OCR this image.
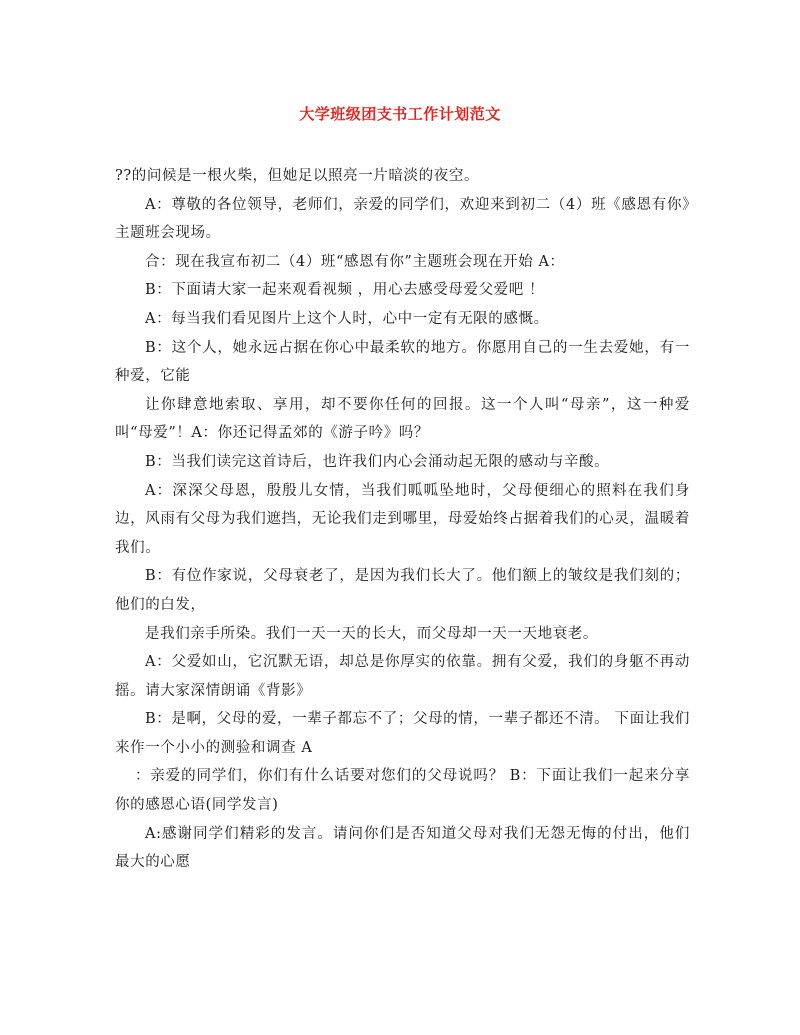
大学班级团支书工作计划范文

??的问候是一根火柴，但她足以照亮一片暗淡的夜空。

A：尊敬的各位领导，老师们，亲爱的同学们，欢迎来到初二（4）班《感恩有你》主题班会现场。

合：现在我宣布初二（4）班“感恩有你”主题班会现在开始 A：

B：下面请大家一起来观看视频 ，用心去感受母爱父爱吧 ！

A：每当我们看见图片上这个人时，心中一定有无限的感慨。

B：这个人，她永远占据在你心中最柔软的地方。你愿用自己的一生去爱她，有一种爱，它能

让你肆意地索取、享用，却不要你任何的回报。这一个人叫“母亲”，这一种爱叫“母爱”！A：你还记得孟郊的《游子吟》吗？

B：当我们读完这首诗后，也许我们内心会涌动起无限的感动与辛酸。

A：深深父母恩，殷殷儿女情，当我们呱呱坠地时，父母便细心的照料在我们身边，风雨有父母为我们遮挡，无论我们走到哪里，母爱始终占据着我们的心灵，温暖着我们。

B：有位作家说，父母衰老了，是因为我们长大了。他们额上的皱纹是我们刻的；他们的白发，

是我们亲手所染。我们一天一天的长大，而父母却一天一天地衰老。

A：父爱如山，它沉默无语，却总是你厚实的依靠。拥有父爱，我们的身躯不再动摇。请大家深情朗诵《背影》

B：是啊，父母的爱，一辈子都忘不了；父母的情，一辈子都还不清。 下面让我们来作一个小小的测验和调查 A

：亲爱的同学们，你们有什么话要对您们的父母说吗？ B：下面让我们一起来分享你的感恩心语(同学发言)

A:感谢同学们精彩的发言。请问你们是否知道父母对我们无怨无悔的付出，他们最大的心愿
